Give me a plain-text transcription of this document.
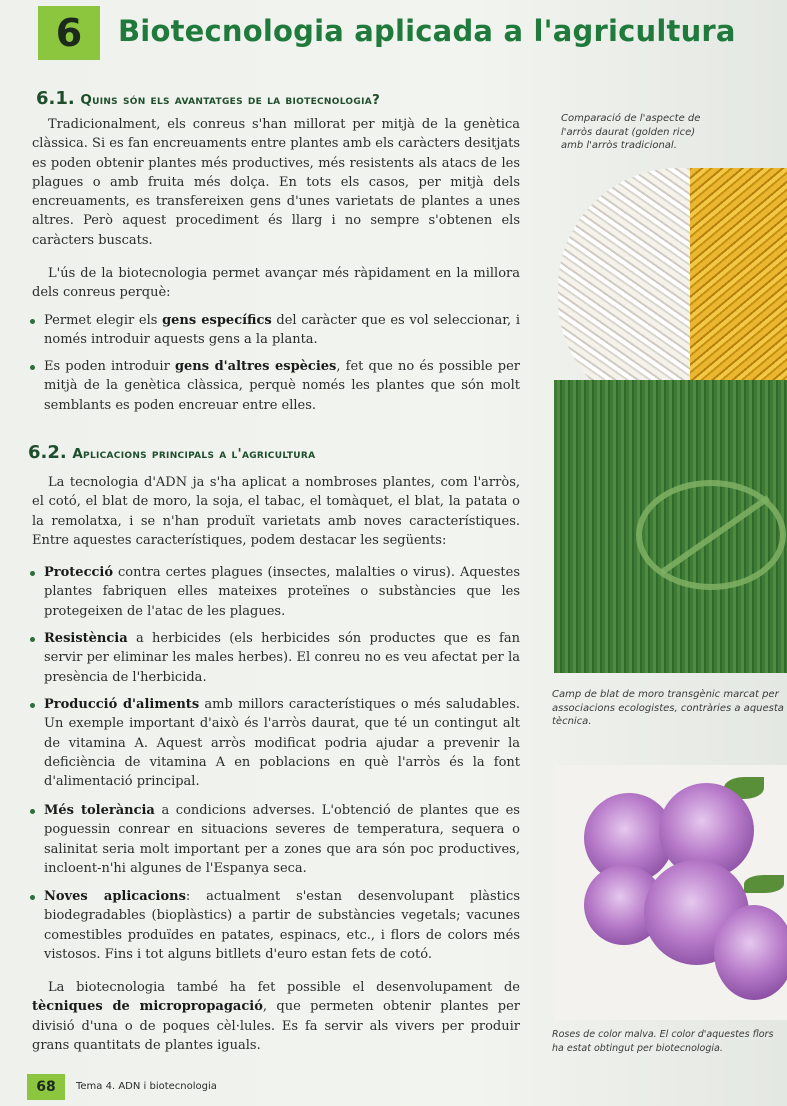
6	Biotecnologia aplicada a l'agricultura
6.1. Quins són els avantatges de la biotecnologia?
Tradicionalment, els conreus s'han millorat per mitjà de la genètica clàssica. Si es fan encreuaments entre plantes amb els caràcters desitjats es poden obtenir plantes més productives, més resistents als atacs de les plagues o amb fruita més dolça. En tots els casos, per mitjà dels encreuaments, es transfereixen gens d'unes varietats de plantes a unes altres. Però aquest procediment és llarg i no sempre s'obtenen els caràcters buscats.
L'ús de la biotecnologia permet avançar més ràpidament en la millora dels conreus perquè:
Permet elegir els gens específics del caràcter que es vol seleccionar, i només introduir aquests gens a la planta.
Es poden introduir gens d'altres espècies, fet que no és possible per mitjà de la genètica clàssica, perquè només les plantes que són molt semblants es poden encreuar entre elles.
6.2. Aplicacions principals a l'agricultura
La tecnologia d'ADN ja s'ha aplicat a nombroses plantes, com l'arròs, el cotó, el blat de moro, la soja, el tabac, el tomàquet, el blat, la patata o la remolatxa, i se n'han produït varietats amb noves característiques. Entre aquestes característiques, podem destacar les següents:
Protecció contra certes plagues (insectes, malalties o virus). Aquestes plantes fabriquen elles mateixes proteïnes o substàncies que les protegeixen de l'atac de les plagues.
Resistència a herbicides (els herbicides són productes que es fan servir per eliminar les males herbes). El conreu no es veu afectat per la presència de l'herbicida.
Producció d'aliments amb millors característiques o més saludables. Un exemple important d'això és l'arròs daurat, que té un contingut alt de vitamina A. Aquest arròs modificat podria ajudar a prevenir la deficiència de vitamina A en poblacions en què l'arròs és la font d'alimentació principal.
Més tolerància a condicions adverses. L'obtenció de plantes que es poguessin conrear en situacions severes de temperatura, sequera o salinitat seria molt important per a zones que ara són poc productives, incloent-n'hi algunes de l'Espanya seca.
Noves aplicacions: actualment s'estan desenvolupant plàstics biodegradables (bioplàstics) a partir de substàncies vegetals; vacunes comestibles produïdes en patates, espinacs, etc., i flors de colors més vistosos. Fins i tot alguns bitllets d'euro estan fets de cotó.
La biotecnologia també ha fet possible el desenvolupament de tècniques de micropropagació, que permeten obtenir plantes per divisió d'una o de poques cèl·lules. Es fa servir als vivers per produir grans quantitats de plantes iguals.
Comparació de l'aspecte de l'arròs daurat (golden rice) amb l'arròs tradicional.
Camp de blat de moro transgènic marcat per associacions ecologistes, contràries a aquesta tècnica.
Roses de color malva. El color d'aquestes flors ha estat obtingut per biotecnologia.
68	Tema 4. ADN i biotecnologia
